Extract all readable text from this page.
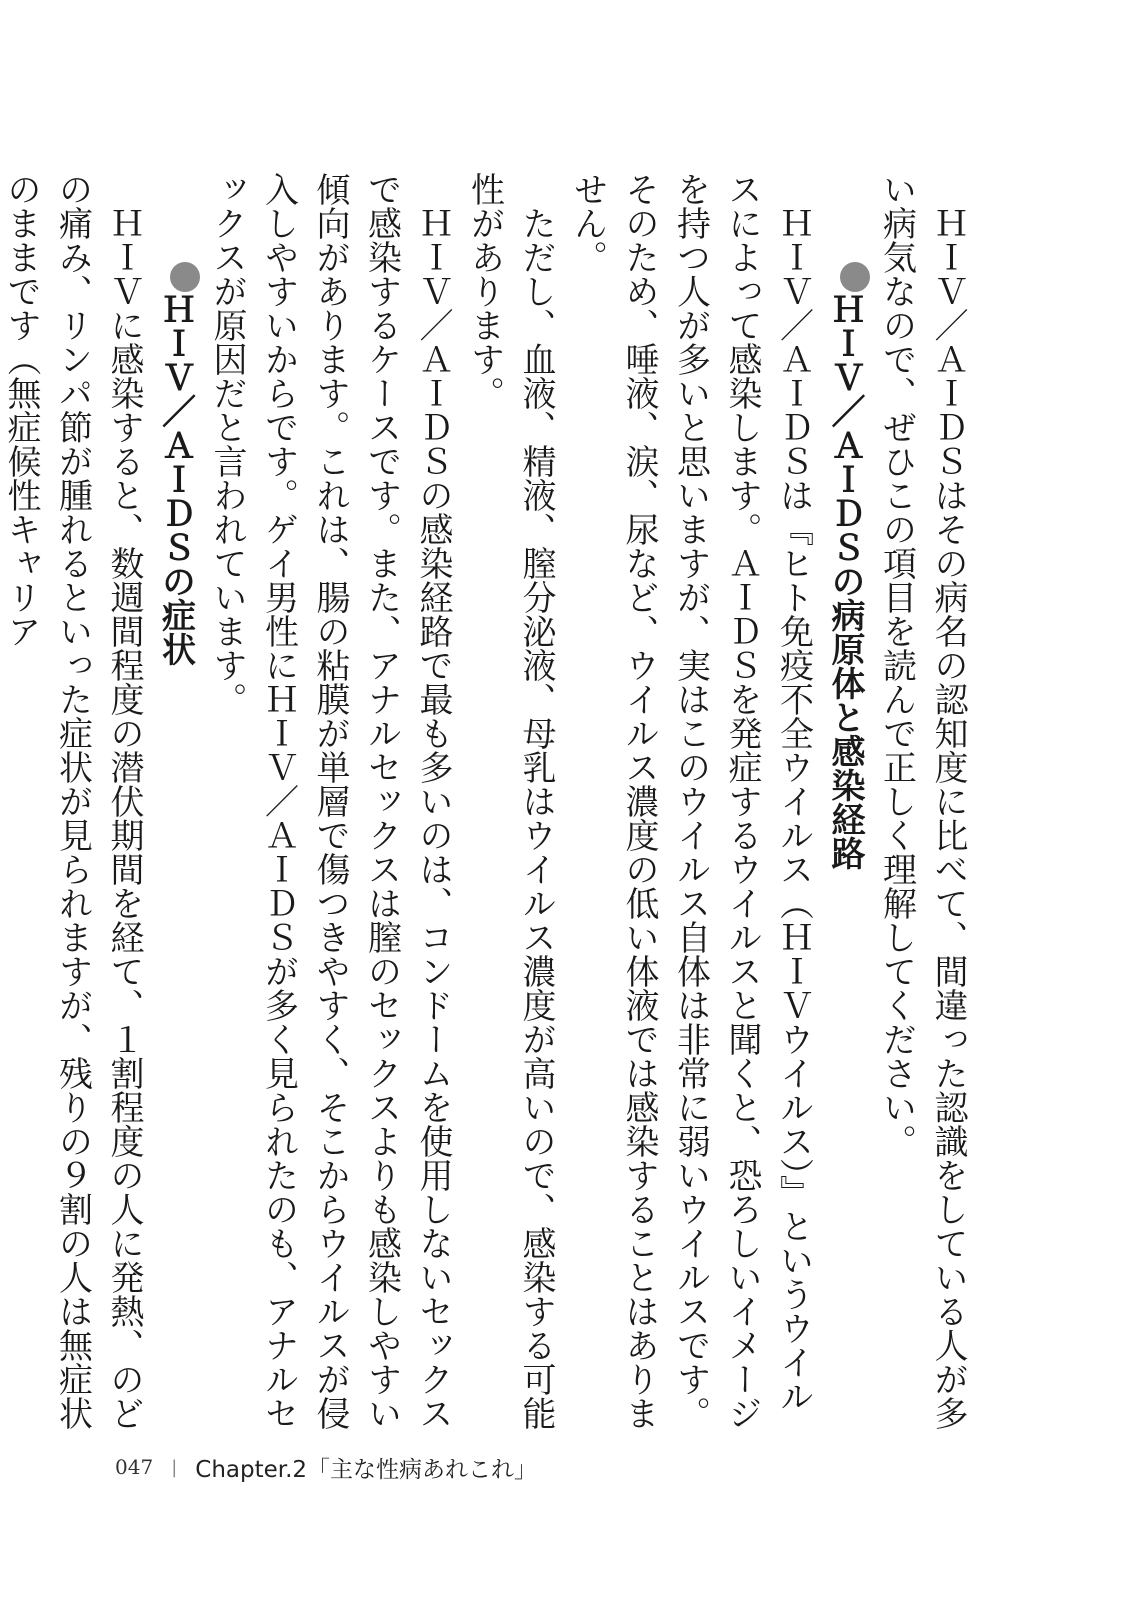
ＨＩＶ／ＡＩＤＳはその病名の認知度に比べて、間違った認識をしている人が多い病気なので、ぜひこの項目を読んで正しく理解してください。

ＨＩＶ／ＡＩＤＳの病原体と感染経路

ＨＩＶ／ＡＩＤＳは『ヒト免疫不全ウイルス（ＨＩＶウイルス）』というウイルスによって感染します。ＡＩＤＳを発症するウイルスと聞くと、恐ろしいイメージを持つ人が多いと思いますが、実はこのウイルス自体は非常に弱いウイルスです。そのため、唾液、涙、尿など、ウイルス濃度の低い体液では感染することはありません。

ただし、血液、精液、膣分泌液、母乳はウイルス濃度が高いので、感染する可能性があります。

ＨＩＶ／ＡＩＤＳの感染経路で最も多いのは、コンドームを使用しないセックスで感染するケースです。また、アナルセックスは膣のセックスよりも感染しやすい傾向があります。これは、腸の粘膜が単層で傷つきやすく、そこからウイルスが侵入しやすいからです。ゲイ男性にＨＩＶ／ＡＩＤＳが多く見られたのも、アナルセックスが原因だと言われています。

ＨＩＶ／ＡＩＤＳの症状

ＨＩＶに感染すると、数週間程度の潜伏期間を経て、１割程度の人に発熱、のどの痛み、リンパ節が腫れるといった症状が見られますが、残りの９割の人は無症状のままです（無症候性キャリア

047 | Chapter.2「主な性病あれこれ」
